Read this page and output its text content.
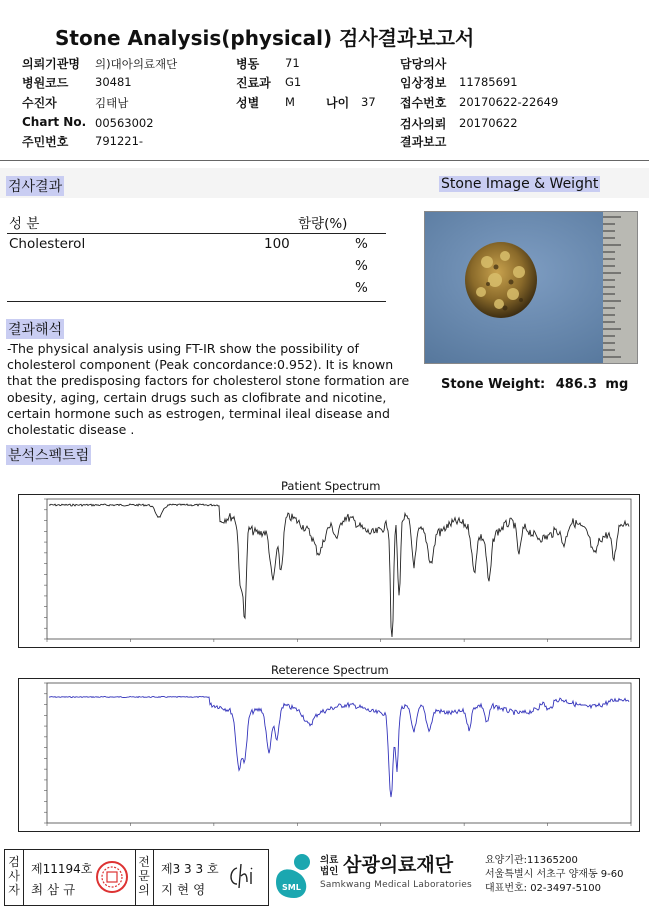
Stone Analysis(physical) 검사결과보고서
의뢰기관명 의)대아의료재단	병동 71	담당의사
병원코드 30481	진료과 G1	임상정보 11785691
수진자	김태남	성별 M	나이 37 접수번호 20170622-22649
Chart No. 00563002	검사의뢰 20170622
주민번호 791221-	결과보고
검사결과
성 분	함량(%)
Cholesterol	100	%
%
%
Stone Image & Weight
Stone Weight: 486.3 mg
결과해석
-The physical analysis using FT-IR show the possibility of cholesterol component (Peak concordance:0.952). It is known that the predisposing factors for cholesterol stone formation are obesity, aging, certain drugs such as clofibrate and nicotine, certain hormone such as estrogen, terminal ileal disease and cholestatic disease .
분석스펙트럼
Patient Spectrum
Reterence Spectrum
검사자
제11194호
최 삼 규
전문의
제3 3 3 호
지 현 영	SML
의료
법인 삼광의료재단
Samkwang Medical Laboratories
요양기관:11365200
서울특별시 서초구 양재동 9-60
대표번호: 02-3497-5100
